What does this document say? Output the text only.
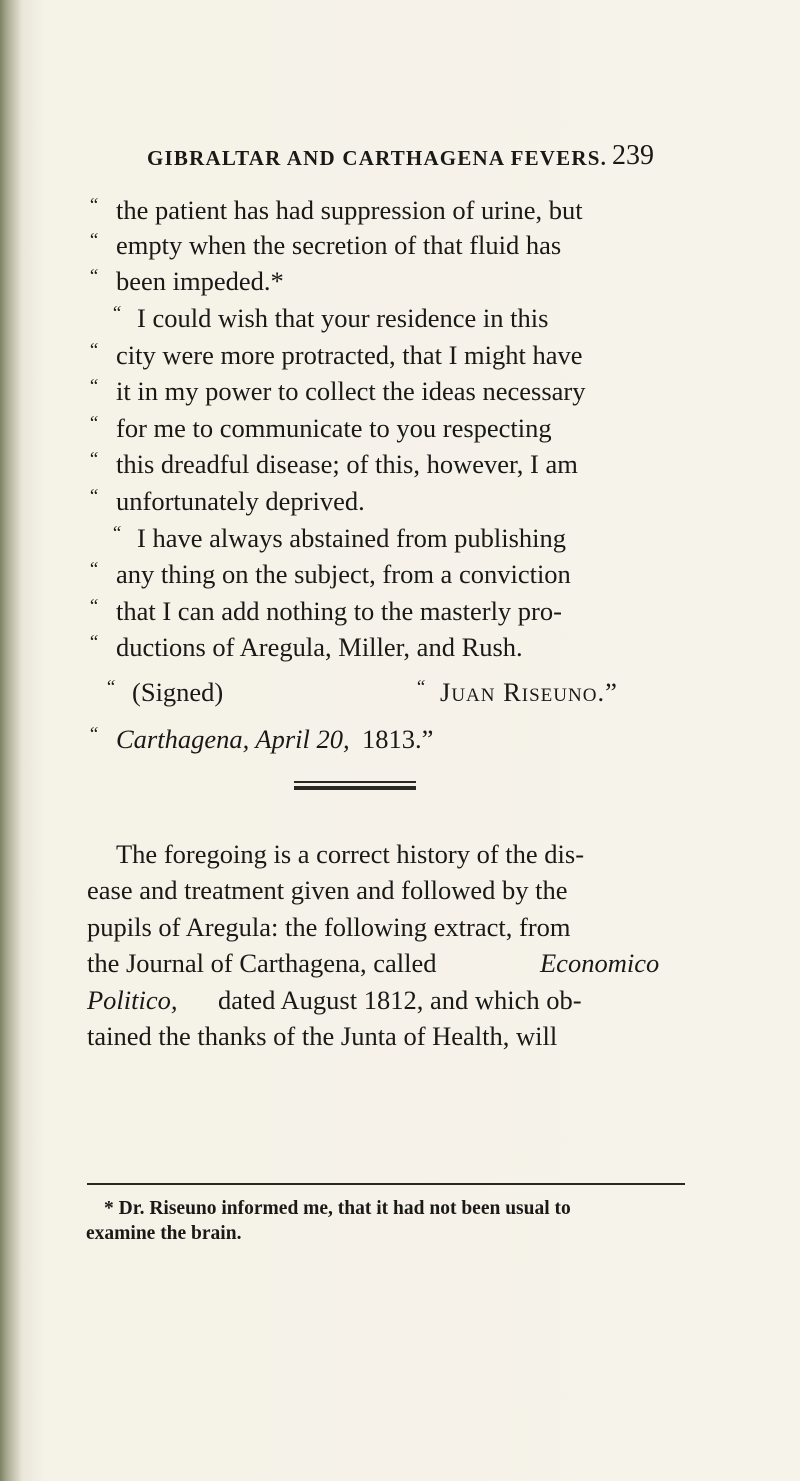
GIBRALTAR AND CARTHAGENA FEVERS. 239
“ the patient has had suppression of urine, but
“ empty when the secretion of that fluid has
“ been impeded.*
“ I could wish that your residence in this
“ city were more protracted, that I might have
“ it in my power to collect the ideas necessary
“ for me to communicate to you respecting
“ this dreadful disease; of this, however, I am
“ unfortunately deprived.
“ I have always abstained from publishing
“ any thing on the subject, from a conviction
“ that I can add nothing to the masterly pro-
“ ductions of Aregula, Miller, and Rush.
“ (Signed)	“ Juan Riseuno.”
“ Carthagena, April 20, 1813.”
The foregoing is a correct history of the dis-
ease and treatment given and followed by the
pupils of Aregula: the following extract, from
the Journal of Carthagena, called	Economico
Politico, dated August 1812, and which ob-
tained the thanks of the Junta of Health, will
* Dr. Riseuno informed me, that it had not been usual to
examine the brain.
